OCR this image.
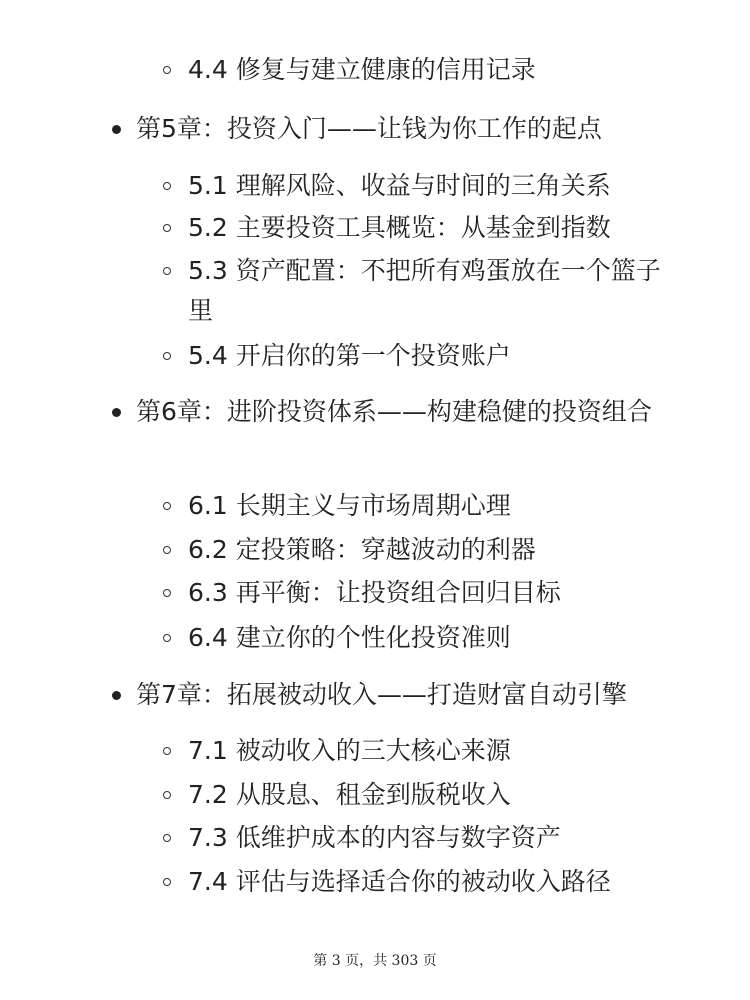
4.4 修复与建立健康的信用记录
第5章：投资入门——让钱为你工作的起点
5.1 理解风险、收益与时间的三角关系
5.2 主要投资工具概览：从基金到指数
5.3 资产配置：不把所有鸡蛋放在一个篮子里
5.4 开启你的第一个投资账户
第6章：进阶投资体系——构建稳健的投资组合
6.1 长期主义与市场周期心理
6.2 定投策略：穿越波动的利器
6.3 再平衡：让投资组合回归目标
6.4 建立你的个性化投资准则
第7章：拓展被动收入——打造财富自动引擎
7.1 被动收入的三大核心来源
7.2 从股息、租金到版税收入
7.3 低维护成本的内容与数字资产
7.4 评估与选择适合你的被动收入路径
第 3 页，共 303 页
